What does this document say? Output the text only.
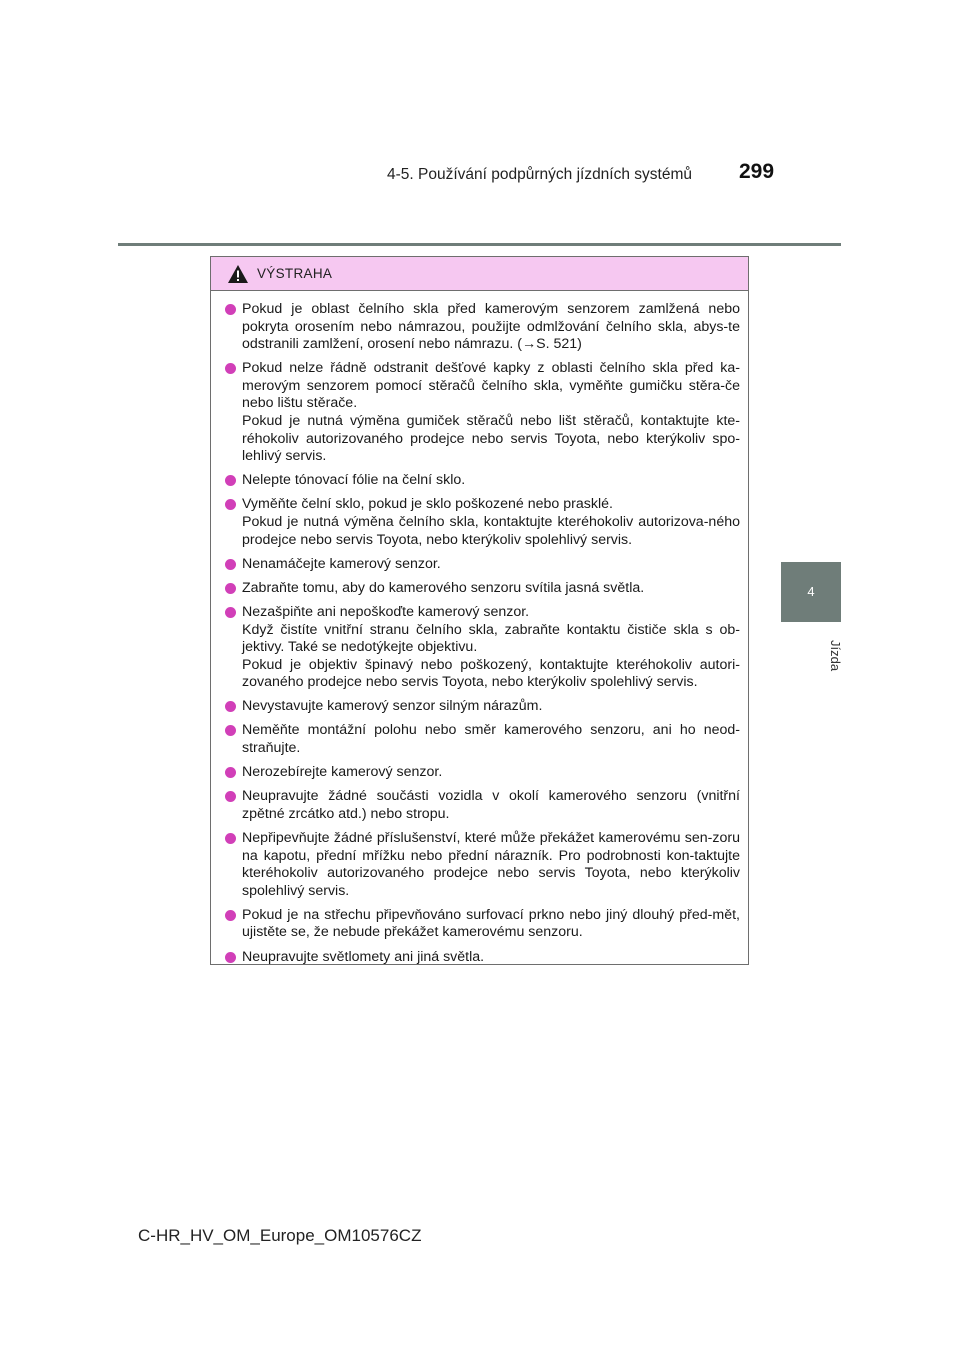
4-5. Používání podpůrných jízdních systémů 299
4
Jízda
VÝSTRAHA

Pokud je oblast čelního skla před kamerovým senzorem zamlžená nebo pokryta orosením nebo námrazou, použijte odmlžování čelního skla, abys-te odstranili zamlžení, orosení nebo námrazu. (→S. 521)

Pokud nelze řádně odstranit dešťové kapky z oblasti čelního skla před ka-merovým senzorem pomocí stěračů čelního skla, vyměňte gumičku stěra-če nebo lištu stěrače.

Pokud je nutná výměna gumiček stěračů nebo lišt stěračů, kontaktujte kte-réhokoliv autorizovaného prodejce nebo servis Toyota, nebo kterýkoliv spo-lehlivý servis.

Nelepte tónovací fólie na čelní sklo.

Vyměňte čelní sklo, pokud je sklo poškozené nebo prasklé.

Pokud je nutná výměna čelního skla, kontaktujte kteréhokoliv autorizova-ného prodejce nebo servis Toyota, nebo kterýkoliv spolehlivý servis.

Nenamáčejte kamerový senzor.

Zabraňte tomu, aby do kamerového senzoru svítila jasná světla.

Nezašpiňte ani nepoškoďte kamerový senzor.

Když čistíte vnitřní stranu čelního skla, zabraňte kontaktu čističe skla s ob-jektivy. Také se nedotýkejte objektivu.

Pokud je objektiv špinavý nebo poškozený, kontaktujte kteréhokoliv autori-zovaného prodejce nebo servis Toyota, nebo kterýkoliv spolehlivý servis.

Nevystavujte kamerový senzor silným nárazům.

Neměňte montážní polohu nebo směr kamerového senzoru, ani ho neod-straňujte.

Nerozebírejte kamerový senzor.

Neupravujte žádné součásti vozidla v okolí kamerového senzoru (vnitřní zpětné zrcátko atd.) nebo stropu.

Nepřipevňujte žádné příslušenství, které může překážet kamerovému sen-zoru na kapotu, přední mřížku nebo přední nárazník. Pro podrobnosti kon-taktujte kteréhokoliv autorizovaného prodejce nebo servis Toyota, nebo kterýkoliv spolehlivý servis.

Pokud je na střechu připevňováno surfovací prkno nebo jiný dlouhý před-mět, ujistěte se, že nebude překážet kamerovému senzoru.

Neupravujte světlomety ani jiná světla.

C-HR_HV_OM_Europe_OM10576CZ
